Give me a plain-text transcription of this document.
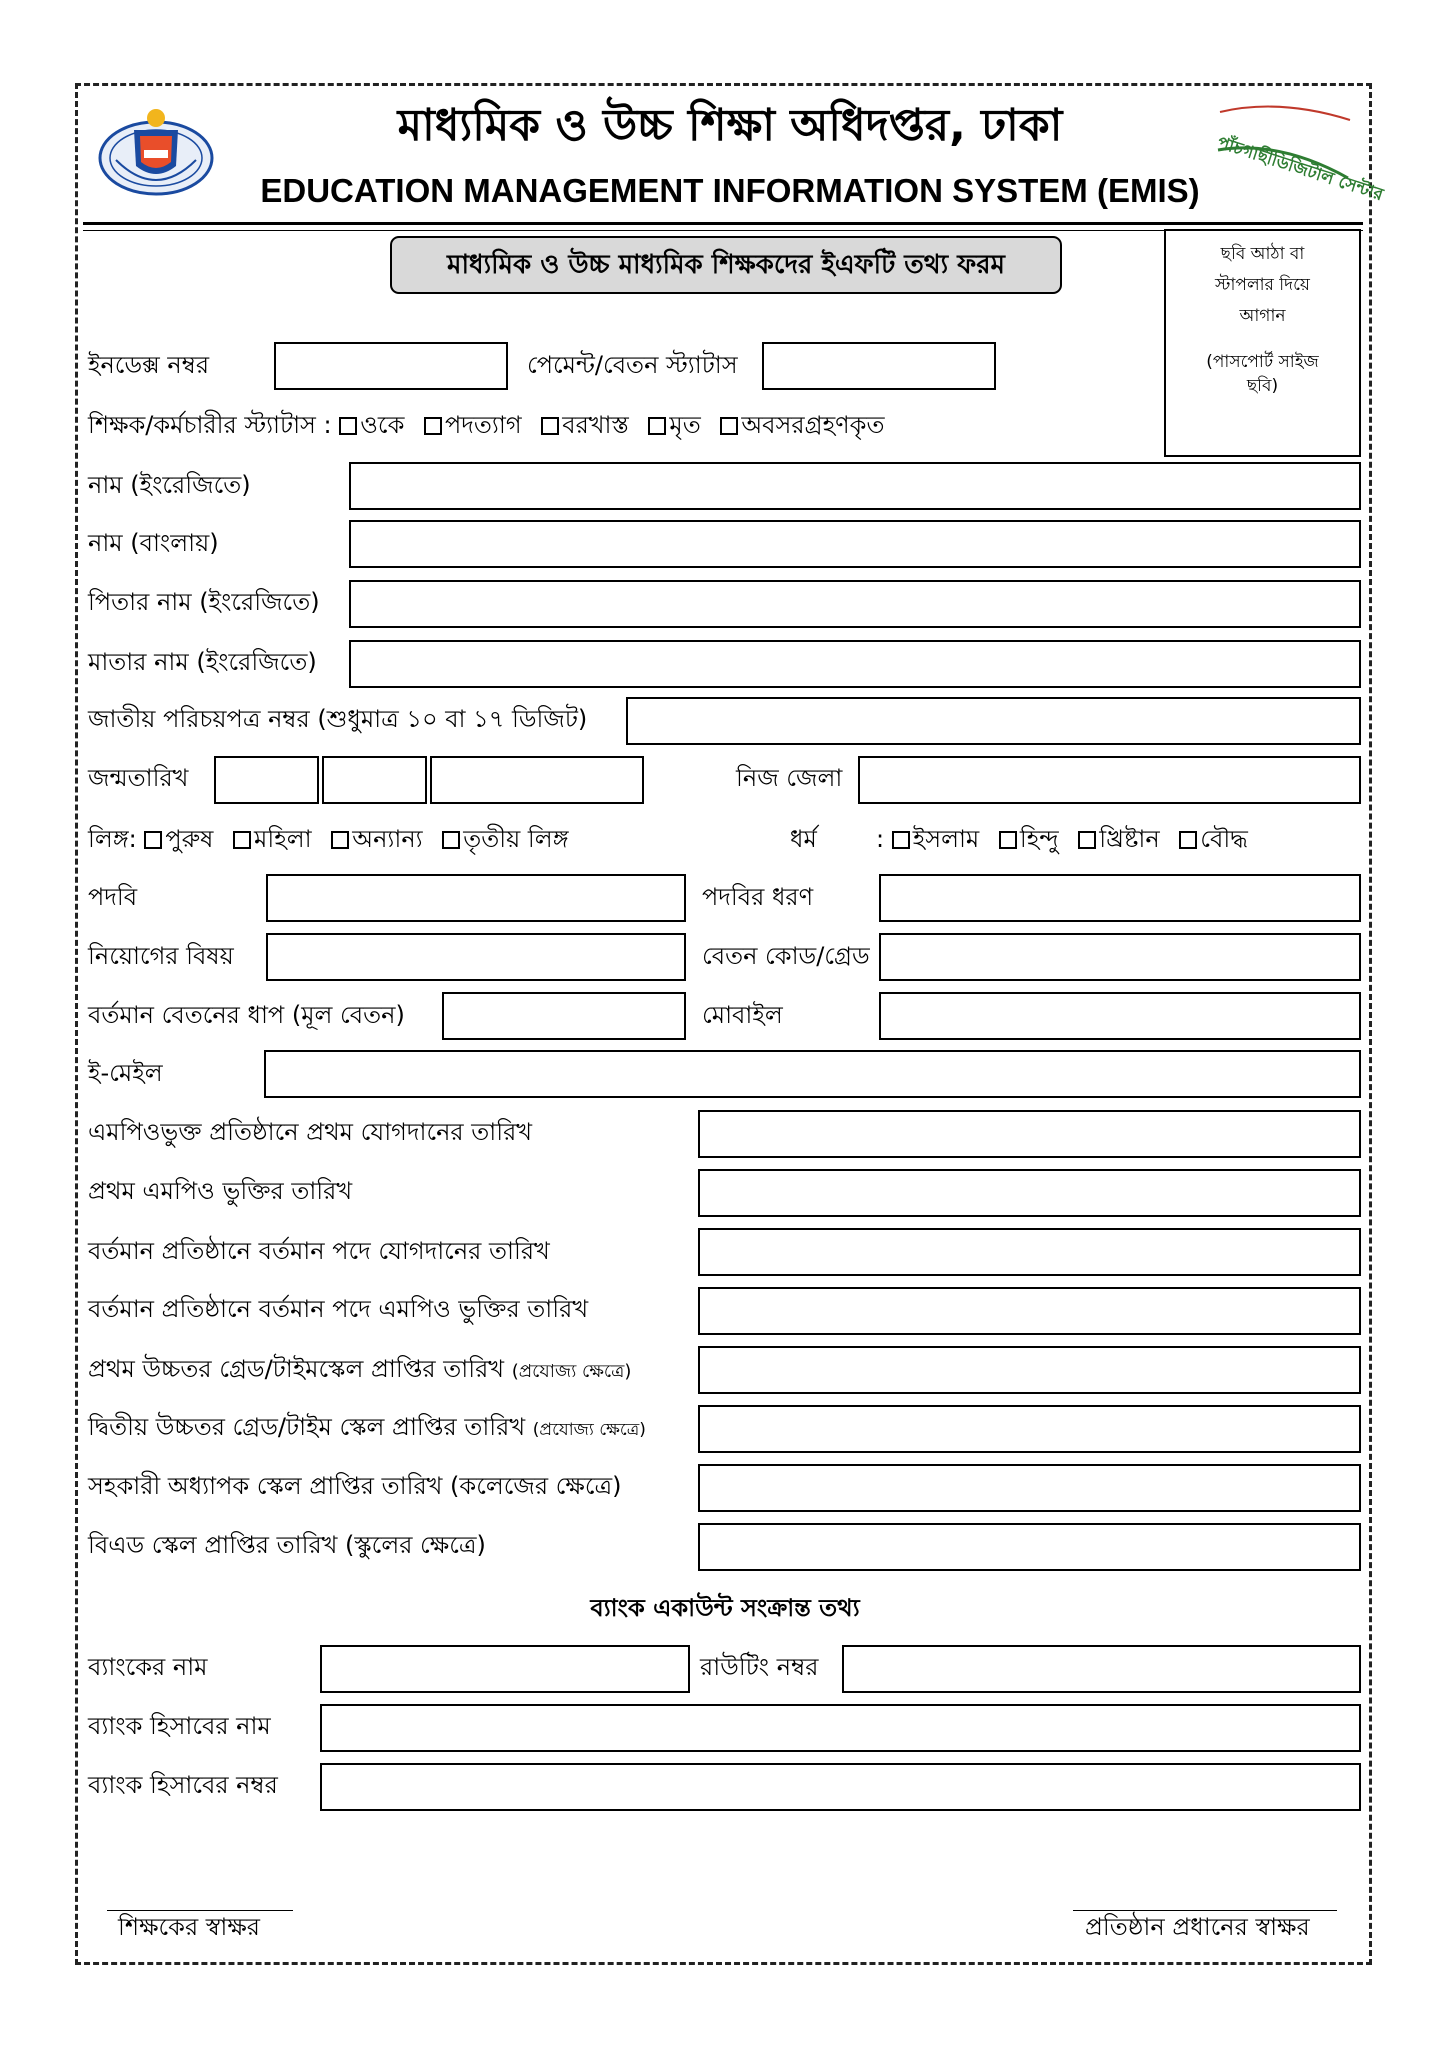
পাঁচগাছীডিজিটাল সেন্টার
মাধ্যমিক ও উচ্চ শিক্ষা অধিদপ্তর, ঢাকা
EDUCATION MANAGEMENT INFORMATION SYSTEM (EMIS)
মাধ্যমিক ও উচ্চ মাধ্যমিক শিক্ষকদের ইএফটি তথ্য ফরম	ছবি আঠা বা
স্টাপলার দিয়ে
আগান
(পাসপোর্ট সাইজ
ছবি)
ইনডেক্স নম্বর	পেমেন্ট/বেতন স্ট্যাটাস
শিক্ষক/কর্মচারীর স্ট্যাটাস : ওকে পদত্যাগ বরখাস্ত মৃত অবসরগ্রহণকৃত
নাম (ইংরেজিতে)
নাম (বাংলায়)
পিতার নাম (ইংরেজিতে)
মাতার নাম (ইংরেজিতে)
জাতীয় পরিচয়পত্র নম্বর (শুধুমাত্র ১০ বা ১৭ ডিজিট)
জন্মতারিখ	নিজ জেলা
লিঙ্গ: পুরুষ মহিলা অন্যান্য তৃতীয় লিঙ্গ	ধর্ম : ইসলাম হিন্দু খ্রিষ্টান বৌদ্ধ
পদবি	পদবির ধরণ
নিয়োগের বিষয়	বেতন কোড/গ্রেড
বর্তমান বেতনের ধাপ (মূল বেতন)	মোবাইল
ই-মেইল
এমপিওভুক্ত প্রতিষ্ঠানে প্রথম যোগদানের তারিখ
প্রথম এমপিও ভুক্তির তারিখ
বর্তমান প্রতিষ্ঠানে বর্তমান পদে যোগদানের তারিখ
বর্তমান প্রতিষ্ঠানে বর্তমান পদে এমপিও ভুক্তির তারিখ
প্রথম উচ্চতর গ্রেড/টাইমস্কেল প্রাপ্তির তারিখ (প্রযোজ্য ক্ষেত্রে)
দ্বিতীয় উচ্চতর গ্রেড/টাইম স্কেল প্রাপ্তির তারিখ (প্রযোজ্য ক্ষেত্রে)
সহকারী অধ্যাপক স্কেল প্রাপ্তির তারিখ (কলেজের ক্ষেত্রে)
বিএড স্কেল প্রাপ্তির তারিখ (স্কুলের ক্ষেত্রে)
ব্যাংক একাউন্ট সংক্রান্ত তথ্য
ব্যাংকের নাম	রাউটিং নম্বর
ব্যাংক হিসাবের নাম
ব্যাংক হিসাবের নম্বর
শিক্ষকের স্বাক্ষর	প্রতিষ্ঠান প্রধানের স্বাক্ষর
